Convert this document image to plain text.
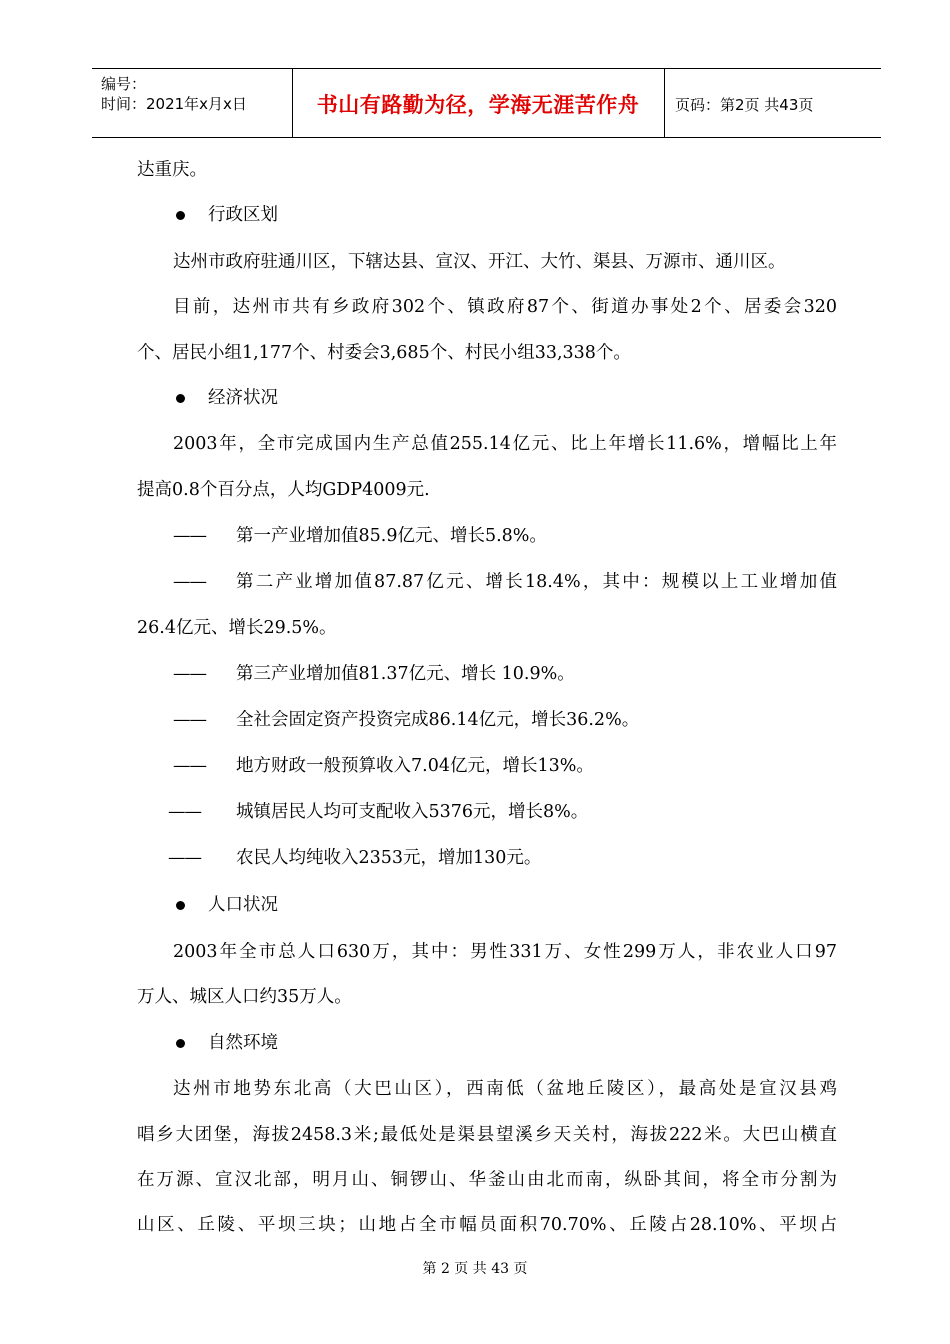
编号：
时间：2021年x月x日	书山有路勤为径，学海无涯苦作舟	页码：第2页 共43页
达重庆。
行政区划
达州市政府驻通川区，下辖达县、宣汉、开江、大竹、渠县、万源市、通川区。
目前，达州市共有乡政府302个、镇政府87个、街道办事处2个、居委会320
个、居民小组1,177个、村委会3,685个、村民小组33,338个。
经济状况
2003年，全市完成国内生产总值255.14亿元、比上年增长11.6%，增幅比上年
提高0.8个百分点，人均GDP4009元.
—— 第一产业增加值85.9亿元、增长5.8%。
—— 第二产业增加值87.87亿元、增长18.4%，其中：规模以上工业增加值
26.4亿元、增长29.5%。
—— 第三产业增加值81.37亿元、增长 10.9%。
—— 全社会固定资产投资完成86.14亿元，增长36.2%。
—— 地方财政一般预算收入7.04亿元，增长13%。
—— 城镇居民人均可支配收入5376元，增长8%。
—— 农民人均纯收入2353元，增加130元。
人口状况
2003年全市总人口630万，其中：男性331万、女性299万人，非农业人口97
万人、城区人口约35万人。
自然环境
达州市地势东北高（大巴山区），西南低（盆地丘陵区），最高处是宣汉县鸡
唱乡大团堡，海拔2458.3米;最低处是渠县望溪乡天关村，海拔222米。大巴山横直
在万源、宣汉北部，明月山、铜锣山、华釜山由北而南，纵卧其间，将全市分割为
山区、丘陵、平坝三块；山地占全市幅员面积70.70%、丘陵占28.10%、平坝占
第 2 页 共 43 页
